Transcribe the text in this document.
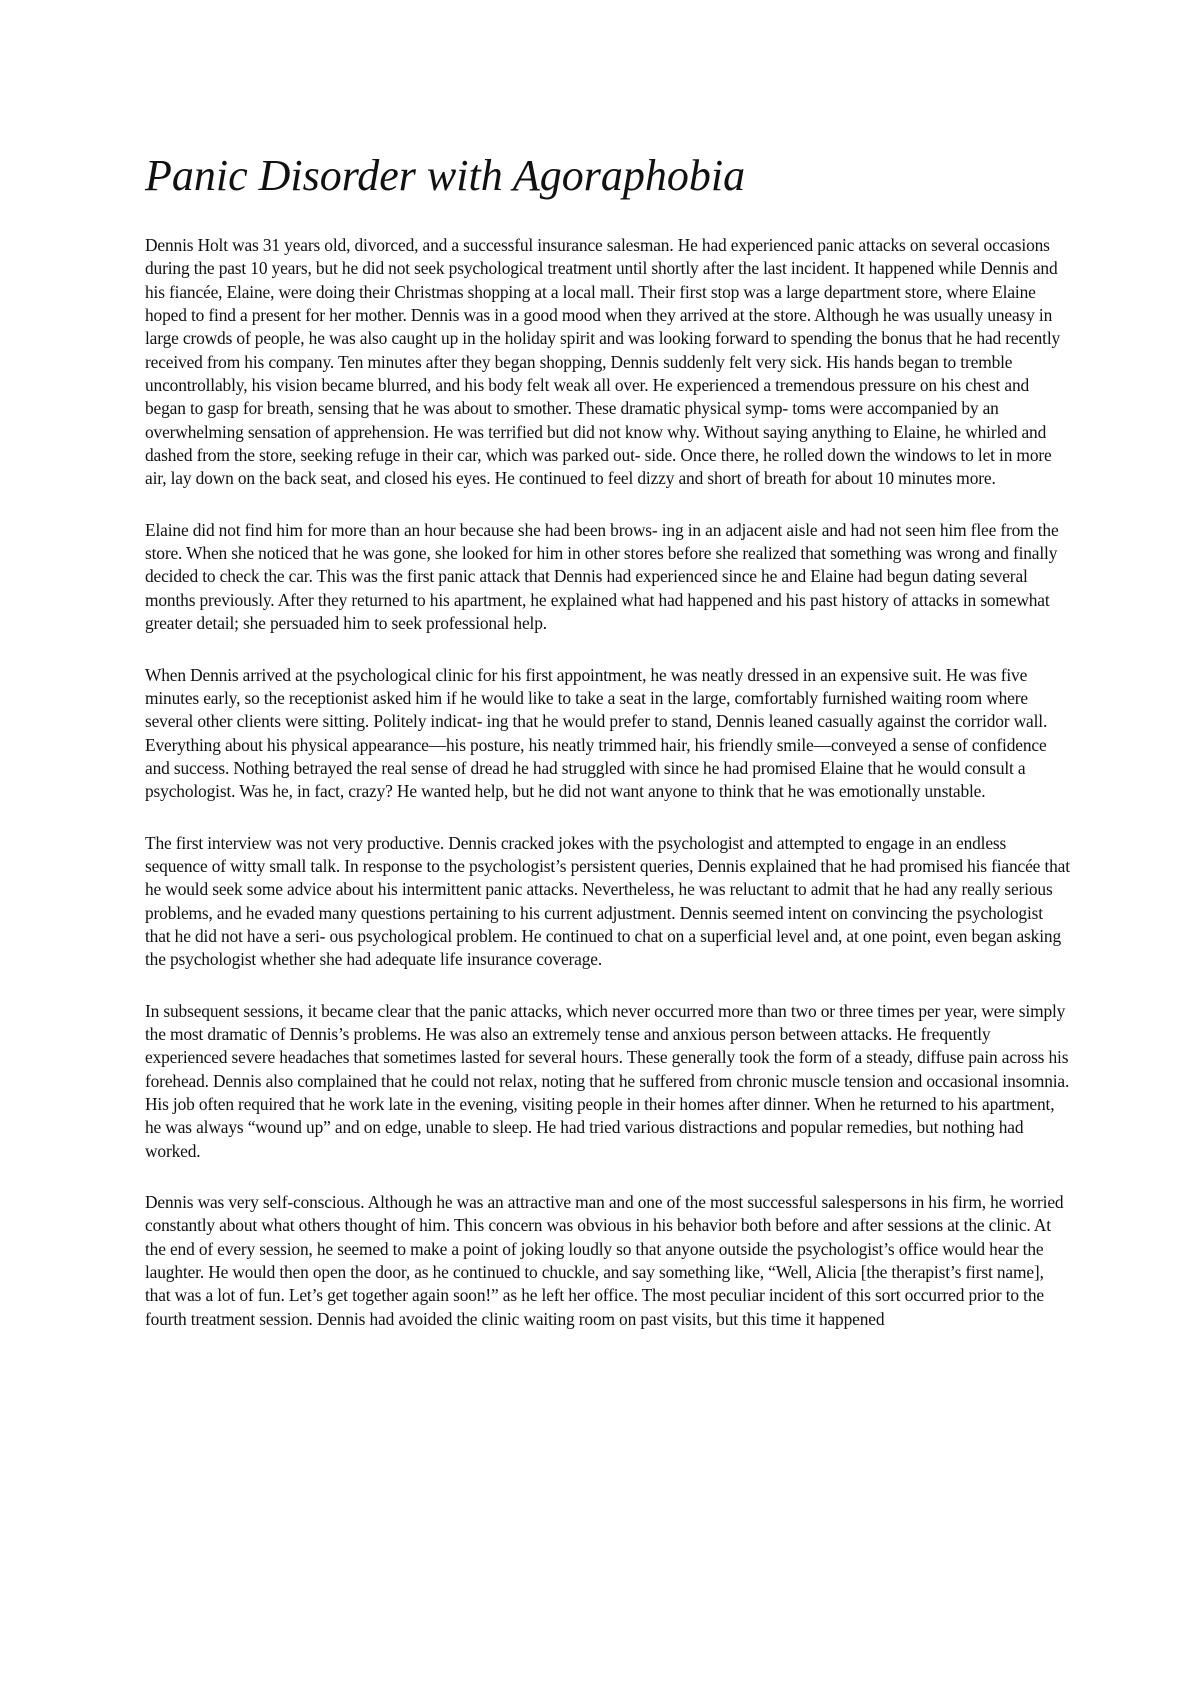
Panic Disorder with Agoraphobia

Dennis Holt was 31 years old, divorced, and a successful insurance salesman. He had experienced panic attacks on several occasions during the past 10 years, but he did not seek psychological treatment until shortly after the last incident. It happened while Dennis and his fiancée, Elaine, were doing their Christmas shopping at a local mall. Their first stop was a large department store, where Elaine hoped to find a present for her mother. Dennis was in a good mood when they arrived at the store. Although he was usually uneasy in large crowds of people, he was also caught up in the holiday spirit and was looking forward to spending the bonus that he had recently received from his company. Ten minutes after they began shopping, Dennis suddenly felt very sick. His hands began to tremble uncontrollably, his vision became blurred, and his body felt weak all over. He experienced a tremendous pressure on his chest and began to gasp for breath, sensing that he was about to smother. These dramatic physical symp- toms were accompanied by an overwhelming sensation of apprehension. He was terrified but did not know why. Without saying anything to Elaine, he whirled and dashed from the store, seeking refuge in their car, which was parked out- side. Once there, he rolled down the windows to let in more air, lay down on the back seat, and closed his eyes. He continued to feel dizzy and short of breath for about 10 minutes more.

Elaine did not find him for more than an hour because she had been brows- ing in an adjacent aisle and had not seen him flee from the store. When she noticed that he was gone, she looked for him in other stores before she realized that something was wrong and finally decided to check the car. This was the first panic attack that Dennis had experienced since he and Elaine had begun dating several months previously. After they returned to his apartment, he explained what had happened and his past history of attacks in somewhat greater detail; she persuaded him to seek professional help.

When Dennis arrived at the psychological clinic for his first appointment, he was neatly dressed in an expensive suit. He was five minutes early, so the receptionist asked him if he would like to take a seat in the large, comfortably furnished waiting room where several other clients were sitting. Politely indicat- ing that he would prefer to stand, Dennis leaned casually against the corridor wall. Everything about his physical appearance—his posture, his neatly trimmed hair, his friendly smile—conveyed a sense of confidence and success. Nothing betrayed the real sense of dread he had struggled with since he had promised Elaine that he would consult a psychologist. Was he, in fact, crazy? He wanted help, but he did not want anyone to think that he was emotionally unstable.

The first interview was not very productive. Dennis cracked jokes with the psychologist and attempted to engage in an endless sequence of witty small talk. In response to the psychologist’s persistent queries, Dennis explained that he had promised his fiancée that he would seek some advice about his intermittent panic attacks. Nevertheless, he was reluctant to admit that he had any really serious problems, and he evaded many questions pertaining to his current adjustment. Dennis seemed intent on convincing the psychologist that he did not have a seri- ous psychological problem. He continued to chat on a superficial level and, at one point, even began asking the psychologist whether she had adequate life insurance coverage.

In subsequent sessions, it became clear that the panic attacks, which never occurred more than two or three times per year, were simply the most dramatic of Dennis’s problems. He was also an extremely tense and anxious person between attacks. He frequently experienced severe headaches that sometimes lasted for several hours. These generally took the form of a steady, diffuse pain across his forehead. Dennis also complained that he could not relax, noting that he suffered from chronic muscle tension and occasional insomnia. His job often required that he work late in the evening, visiting people in their homes after dinner. When he returned to his apartment, he was always “wound up” and on edge, unable to sleep. He had tried various distractions and popular remedies, but nothing had worked.

Dennis was very self-conscious. Although he was an attractive man and one of the most successful salespersons in his firm, he worried constantly about what others thought of him. This concern was obvious in his behavior both before and after sessions at the clinic. At the end of every session, he seemed to make a point of joking loudly so that anyone outside the psychologist’s office would hear the laughter. He would then open the door, as he continued to chuckle, and say something like, “Well, Alicia [the therapist’s first name], that was a lot of fun. Let’s get together again soon!” as he left her office. The most peculiar incident of this sort occurred prior to the fourth treatment session. Dennis had avoided the clinic waiting room on past visits, but this time it happened
